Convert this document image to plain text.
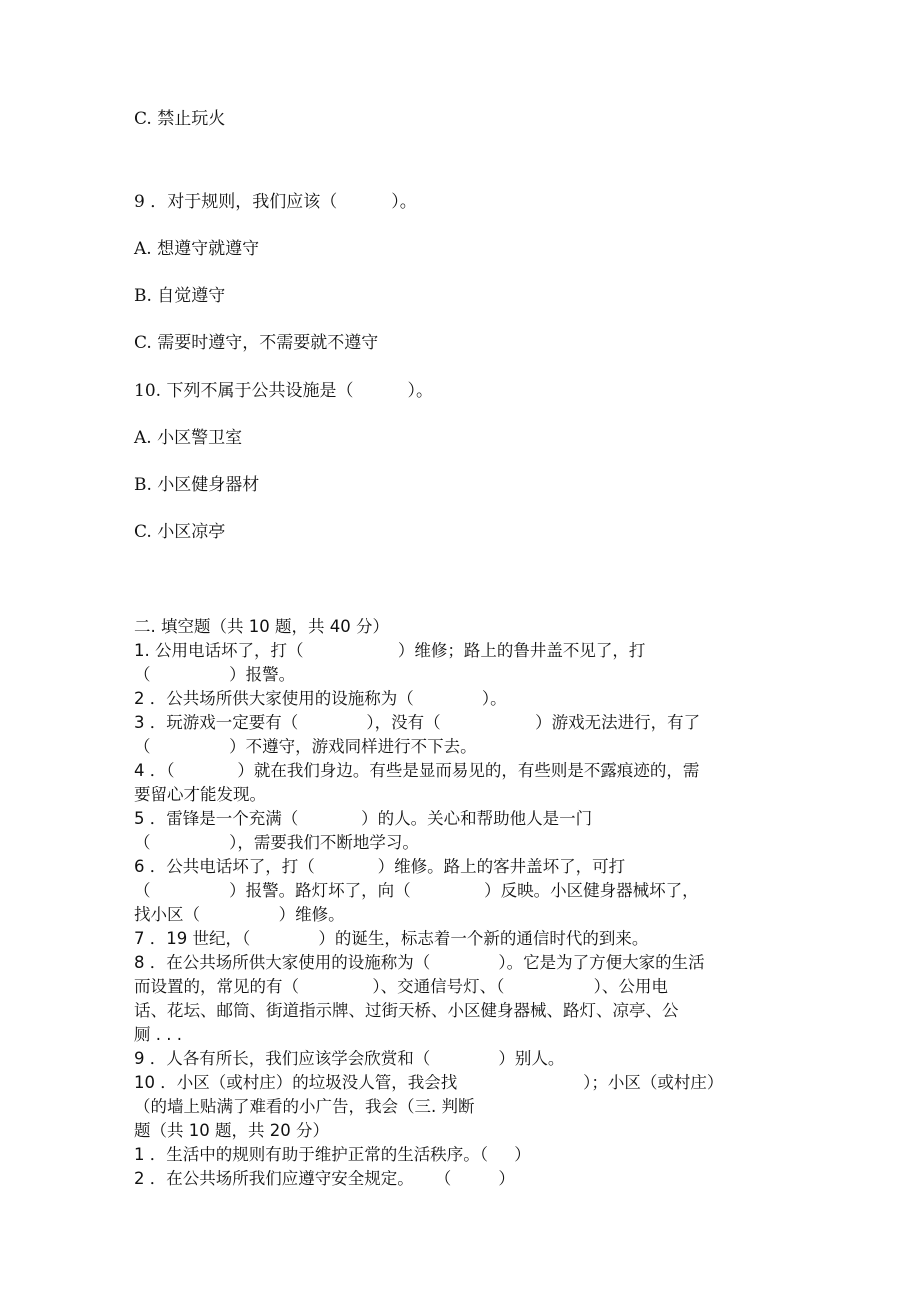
C. 禁止玩火
9 ．对于规则，我们应该（          ）。
A. 想遵守就遵守
B. 自觉遵守
C. 需要时遵守，不需要就不遵守
10. 下列不属于公共设施是（          ）。
A. 小区警卫室
B. 小区健身器材
C. 小区凉亭
二. 填空题（共 10 题，共 40 分）
1. 公用电话坏了，打（                  ）维修；路上的鲁井盖不见了，打
（               ）报警。
2 ．公共场所供大家使用的设施称为（             ）。
3 ．玩游戏一定要有（             ），没有（                  ）游戏无法进行，有了
（               ）不遵守，游戏同样进行不下去。
4 ．（            ）就在我们身边。有些是显而易见的，有些则是不露痕迹的，需
要留心才能发现。
5 ．雷锋是一个充满（            ）的人。关心和帮助他人是一门
（               ），需要我们不断地学习。
6 ．公共电话坏了，打（            ）维修。路上的客井盖坏了，可打
（               ）报警。路灯坏了，向（              ）反映。小区健身器械坏了，
找小区（               ）维修。
7 ．19 世纪，（             ）的诞生，标志着一个新的通信时代的到来。
8 ．在公共场所供大家使用的设施称为（             ）。它是为了方便大家的生活
而设置的，常见的有（              ）、交通信号灯、（                 ）、公用电
话、花坛、邮筒、街道指示牌、过街天桥、小区健身器械、路灯、凉亭、公
厕 . . .
9 ．人各有所长，我们应该学会欣赏和（             ）别人。
10 ．小区（或村庄）的垃圾没人管，我会找                        ）；小区（或村庄）
（的墙上贴满了难看的小广告，我会（三. 判断
题（共 10 题，共 20 分）
1 ．生活中的规则有助于维护正常的生活秩序。（     ）
2 ．在公共场所我们应遵守安全规定。    （         ）
